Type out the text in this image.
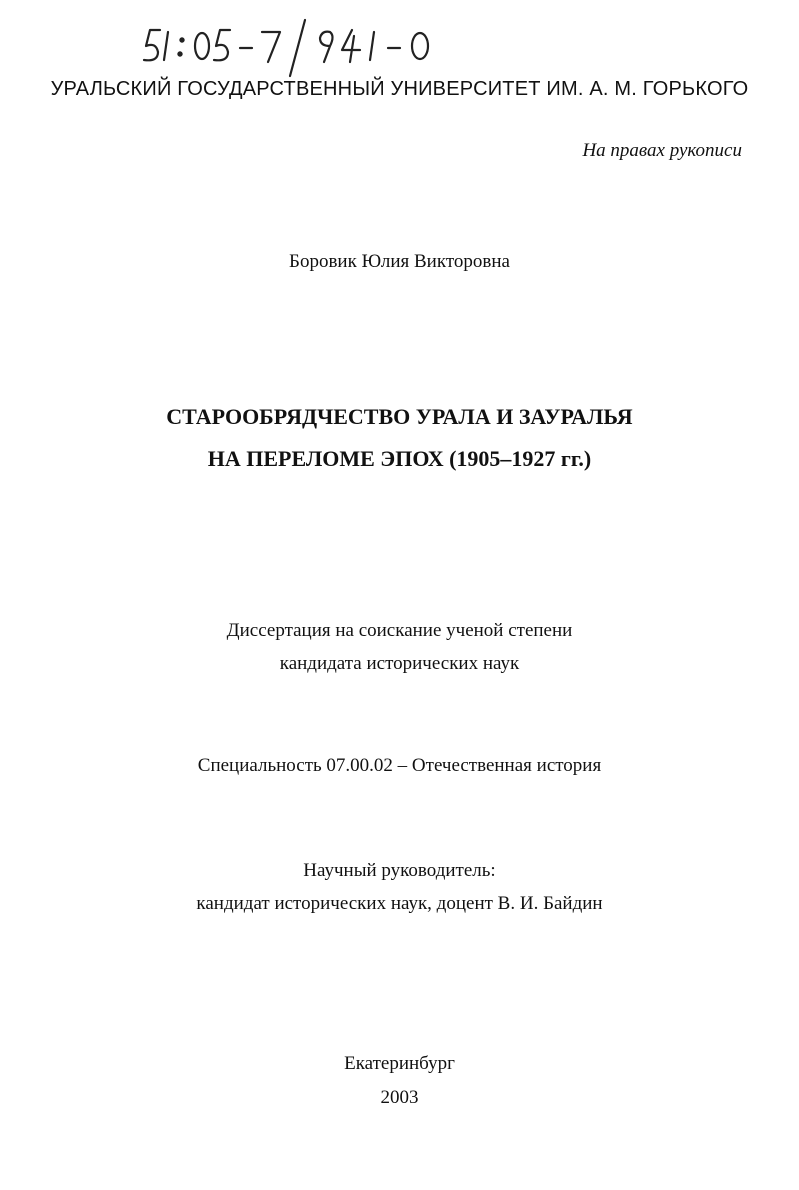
УРАЛЬСКИЙ ГОСУДАРСТВЕННЫЙ УНИВЕРСИТЕТ ИМ. А. М. ГОРЬКОГО
На правах рукописи
Боровик Юлия Викторовна
СТАРООБРЯДЧЕСТВО УРАЛА И ЗАУРАЛЬЯ
НА ПЕРЕЛОМЕ ЭПОХ (1905–1927 гг.)
Диссертация на соискание ученой степени
кандидата исторических наук
Специальность 07.00.02 – Отечественная история
Научный руководитель:
кандидат исторических наук, доцент В. И. Байдин
Екатеринбург
2003
